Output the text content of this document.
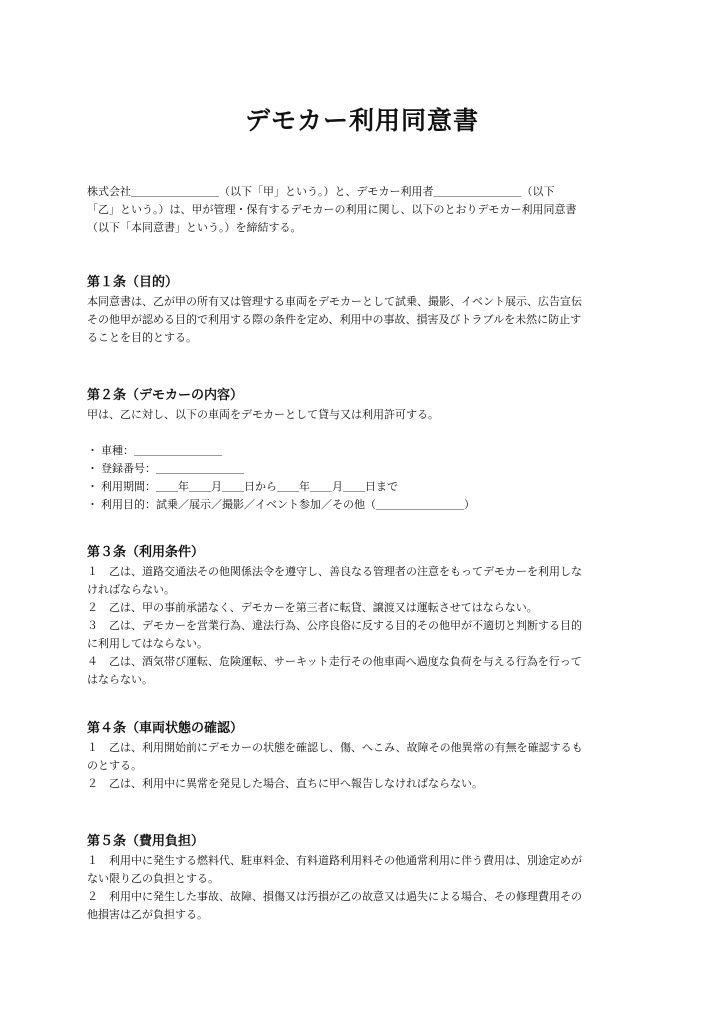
デモカー利用同意書
株式会社＿＿＿＿＿＿＿＿（以下「甲」という。）と、デモカー利用者＿＿＿＿＿＿＿＿（以下
「乙」という。）は、甲が管理・保有するデモカーの利用に関し、以下のとおりデモカー利用同意書
（以下「本同意書」という。）を締結する。
第１条（目的）
本同意書は、乙が甲の所有又は管理する車両をデモカーとして試乗、撮影、イベント展示、広告宣伝
その他甲が認める目的で利用する際の条件を定め、利用中の事故、損害及びトラブルを未然に防止す
ることを目的とする。
第２条（デモカーの内容）
甲は、乙に対し、以下の車両をデモカーとして貸与又は利用許可する。
・ 車種：＿＿＿＿＿＿＿＿
・ 登録番号：＿＿＿＿＿＿＿＿
・ 利用期間：＿＿年＿＿月＿＿日から＿＿年＿＿月＿＿日まで
・ 利用目的：試乗／展示／撮影／イベント参加／その他（＿＿＿＿＿＿＿＿）
第３条（利用条件）
１　乙は、道路交通法その他関係法令を遵守し、善良なる管理者の注意をもってデモカーを利用しな
ければならない。
２　乙は、甲の事前承諾なく、デモカーを第三者に転貸、譲渡又は運転させてはならない。
３　乙は、デモカーを営業行為、違法行為、公序良俗に反する目的その他甲が不適切と判断する目的
に利用してはならない。
４　乙は、酒気帯び運転、危険運転、サーキット走行その他車両へ過度な負荷を与える行為を行って
はならない。
第４条（車両状態の確認）
１　乙は、利用開始前にデモカーの状態を確認し、傷、へこみ、故障その他異常の有無を確認するも
のとする。
２　乙は、利用中に異常を発見した場合、直ちに甲へ報告しなければならない。
第５条（費用負担）
１　利用中に発生する燃料代、駐車料金、有料道路利用料その他通常利用に伴う費用は、別途定めが
ない限り乙の負担とする。
２　利用中に発生した事故、故障、損傷又は汚損が乙の故意又は過失による場合、その修理費用その
他損害は乙が負担する。
